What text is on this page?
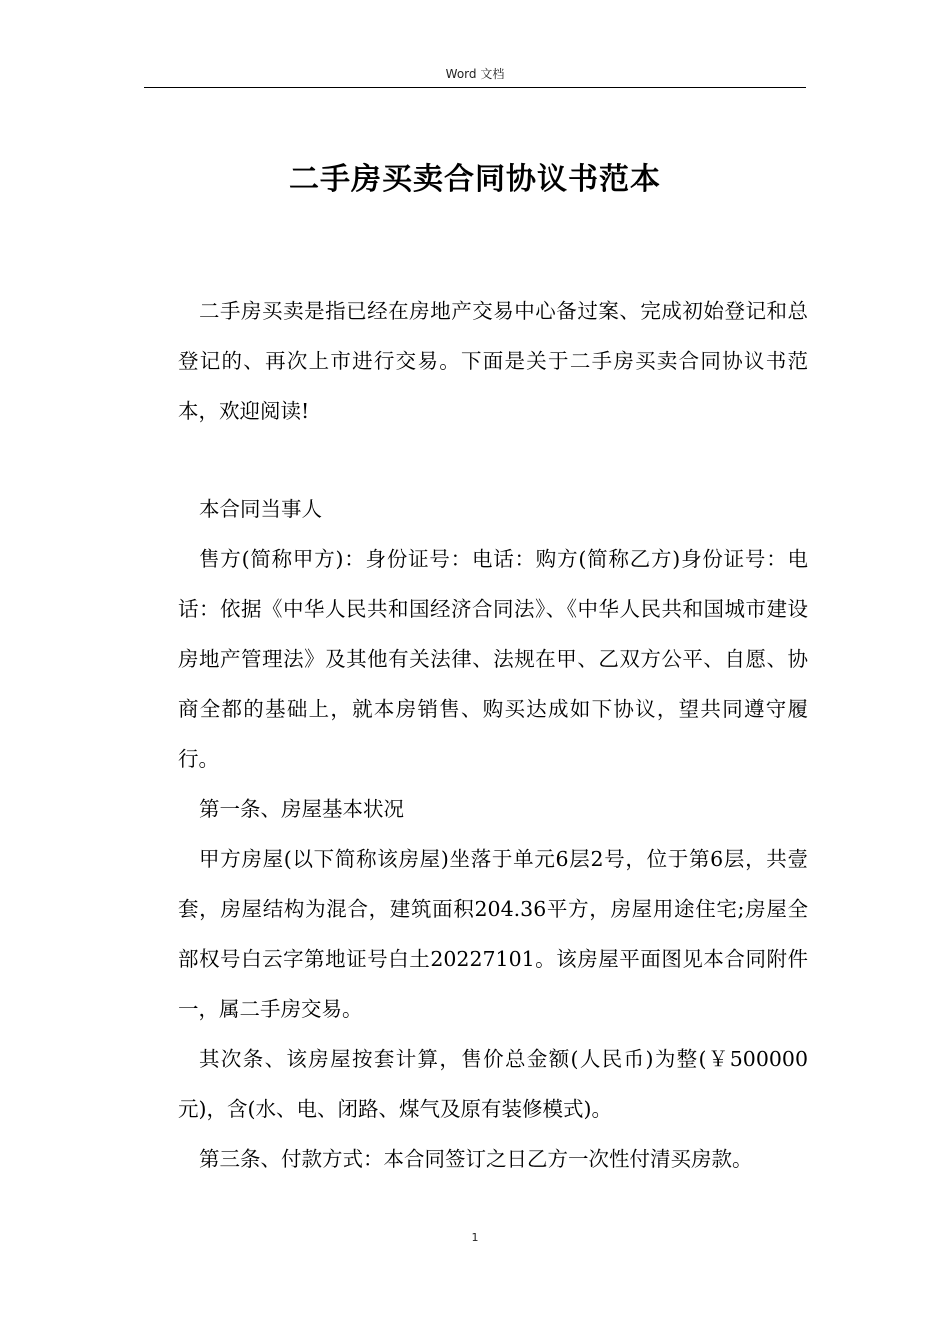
Word 文档
二手房买卖合同协议书范本

二手房买卖是指已经在房地产交易中心备过案、完成初始登记和总登记的、再次上市进行交易。下面是关于二手房买卖合同协议书范本，欢迎阅读!

本合同当事人

售方(简称甲方)：身份证号：电话：购方(简称乙方)身份证号：电话：依据《中华人民共和国经济合同法》、《中华人民共和国城市建设房地产管理法》及其他有关法律、法规在甲、乙双方公平、自愿、协商全都的基础上，就本房销售、购买达成如下协议，望共同遵守履行。

第一条、房屋基本状况

甲方房屋(以下简称该房屋)坐落于单元6层2号，位于第6层，共壹套，房屋结构为混合，建筑面积204.36平方，房屋用途住宅;房屋全部权号白云字第地证号白土20227101。该房屋平面图见本合同附件一，属二手房交易。

其次条、该房屋按套计算，售价总金额(人民币)为整(￥500000元)，含(水、电、闭路、煤气及原有装修模式)。

第三条、付款方式：本合同签订之日乙方一次性付清买房款。

1
